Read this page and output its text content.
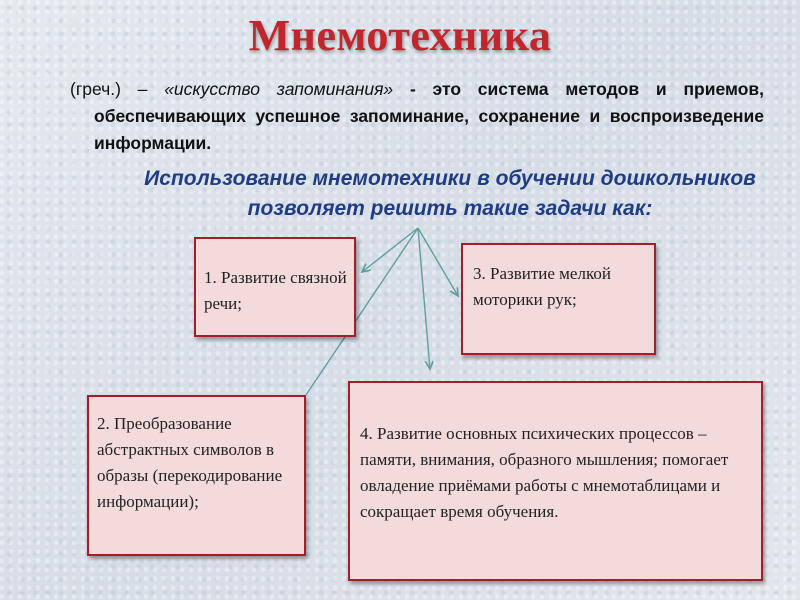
Мнемотехника
(греч.) – «искусство запоминания» - это система методов и приемов, обеспечивающих успешное запоминание, сохранение и воспроизведение информации.
Использование мнемотехники в обучении дошкольников позволяет решить такие задачи как:
1. Развитие связной речи;
3. Развитие мелкой моторики рук;
2. Преобразование абстрактных символов в образы (перекодирование информации);
4. Развитие основных психических процессов – памяти, внимания, образного мышления; помогает овладение приёмами работы с мнемотаблицами и сокращает время обучения.
